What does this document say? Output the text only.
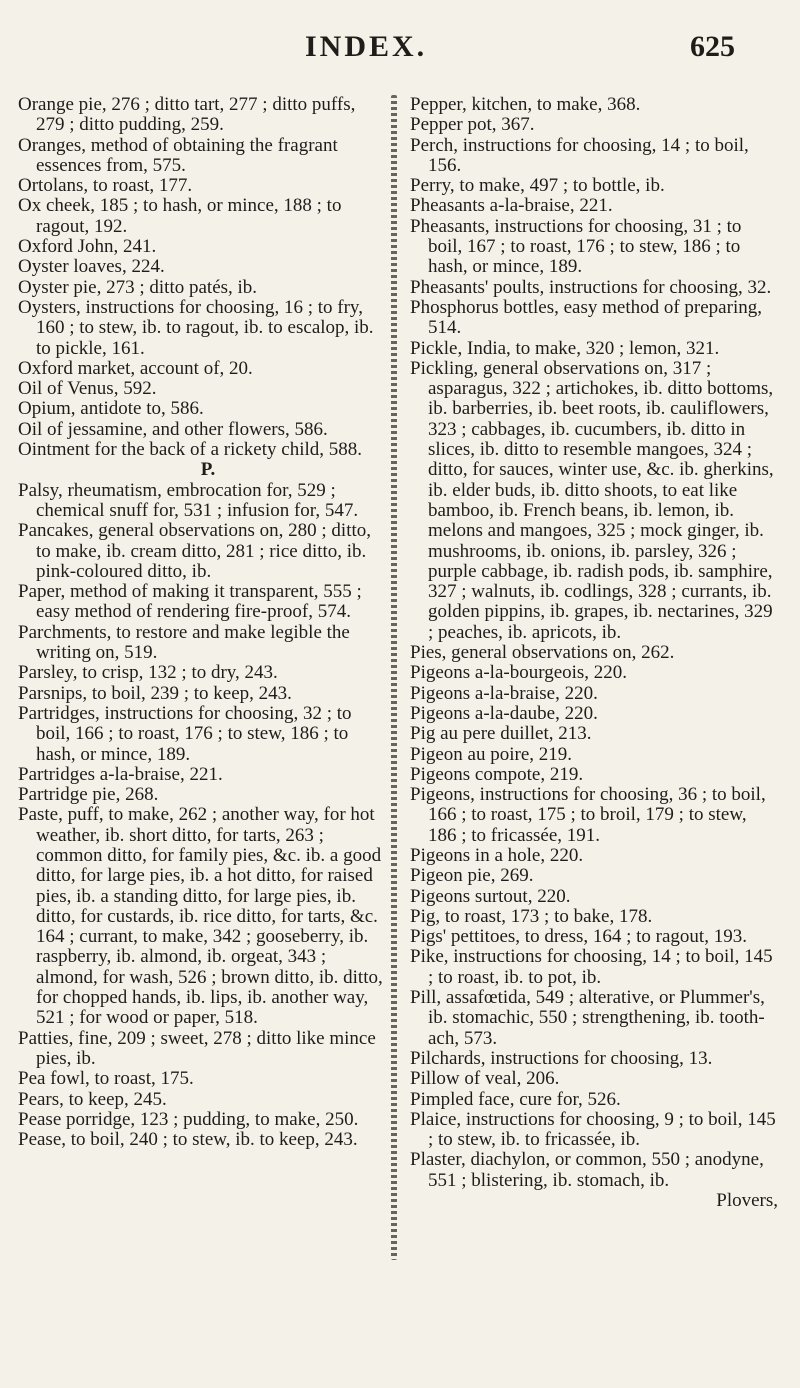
INDEX.	625

Orange pie, 276 ; ditto tart, 277 ; ditto puffs, 279 ; ditto pudding, 259.

Oranges, method of obtaining the fragrant essences from, 575.

Ortolans, to roast, 177.

Ox cheek, 185 ; to hash, or mince, 188 ; to ragout, 192.

Oxford John, 241.

Oyster loaves, 224.

Oyster pie, 273 ; ditto patés, ib.

Oysters, instructions for choosing, 16 ; to fry, 160 ; to stew, ib. to ragout, ib. to escalop, ib. to pickle, 161.

Oxford market, account of, 20.

Oil of Venus, 592.

Opium, antidote to, 586.

Oil of jessamine, and other flowers, 586.

Ointment for the back of a rickety child, 588.

P.

Palsy, rheumatism, embrocation for, 529 ; chemical snuff for, 531 ; infusion for, 547.

Pancakes, general observations on, 280 ; ditto, to make, ib. cream ditto, 281 ; rice ditto, ib. pink-coloured ditto, ib.

Paper, method of making it transparent, 555 ; easy method of rendering fire-proof, 574.

Parchments, to restore and make legible the writing on, 519.

Parsley, to crisp, 132 ; to dry, 243.

Parsnips, to boil, 239 ; to keep, 243.

Partridges, instructions for choosing, 32 ; to boil, 166 ; to roast, 176 ; to stew, 186 ; to hash, or mince, 189.

Partridges a-la-braise, 221.

Partridge pie, 268.

Paste, puff, to make, 262 ; another way, for hot weather, ib. short ditto, for tarts, 263 ; common ditto, for family pies, &c. ib. a good ditto, for large pies, ib. a hot ditto, for raised pies, ib. a standing ditto, for large pies, ib. ditto, for custards, ib. rice ditto, for tarts, &c. 164 ; currant, to make, 342 ; gooseberry, ib. raspberry, ib. almond, ib. orgeat, 343 ; almond, for wash, 526 ; brown ditto, ib. ditto, for chopped hands, ib. lips, ib. another way, 521 ; for wood or paper, 518.

Patties, fine, 209 ; sweet, 278 ; ditto like mince pies, ib.

Pea fowl, to roast, 175.

Pears, to keep, 245.

Pease porridge, 123 ; pudding, to make, 250.

Pease, to boil, 240 ; to stew, ib. to keep, 243.

Pepper, kitchen, to make, 368.

Pepper pot, 367.

Perch, instructions for choosing, 14 ; to boil, 156.

Perry, to make, 497 ; to bottle, ib.

Pheasants a-la-braise, 221.

Pheasants, instructions for choosing, 31 ; to boil, 167 ; to roast, 176 ; to stew, 186 ; to hash, or mince, 189.

Pheasants' poults, instructions for choosing, 32.

Phosphorus bottles, easy method of preparing, 514.

Pickle, India, to make, 320 ; lemon, 321.

Pickling, general observations on, 317 ; asparagus, 322 ; artichokes, ib. ditto bottoms, ib. barberries, ib. beet roots, ib. cauliflowers, 323 ; cabbages, ib. cucumbers, ib. ditto in slices, ib. ditto to resemble mangoes, 324 ; ditto, for sauces, winter use, &c. ib. gherkins, ib. elder buds, ib. ditto shoots, to eat like bamboo, ib. French beans, ib. lemon, ib. melons and mangoes, 325 ; mock ginger, ib. mushrooms, ib. onions, ib. parsley, 326 ; purple cabbage, ib. radish pods, ib. samphire, 327 ; walnuts, ib. codlings, 328 ; currants, ib. golden pippins, ib. grapes, ib. nectarines, 329 ; peaches, ib. apricots, ib.

Pies, general observations on, 262.

Pigeons a-la-bourgeois, 220.

Pigeons a-la-braise, 220.

Pigeons a-la-daube, 220.

Pig au pere duillet, 213.

Pigeon au poire, 219.

Pigeons compote, 219.

Pigeons, instructions for choosing, 36 ; to boil, 166 ; to roast, 175 ; to broil, 179 ; to stew, 186 ; to fricassée, 191.

Pigeons in a hole, 220.

Pigeon pie, 269.

Pigeons surtout, 220.

Pig, to roast, 173 ; to bake, 178.

Pigs' pettitoes, to dress, 164 ; to ragout, 193.

Pike, instructions for choosing, 14 ; to boil, 145 ; to roast, ib. to pot, ib.

Pill, assafœtida, 549 ; alterative, or Plummer's, ib. stomachic, 550 ; strengthening, ib. tooth-ach, 573.

Pilchards, instructions for choosing, 13.

Pillow of veal, 206.

Pimpled face, cure for, 526.

Plaice, instructions for choosing, 9 ; to boil, 145 ; to stew, ib. to fricassée, ib.

Plaster, diachylon, or common, 550 ; anodyne, 551 ; blistering, ib. stomach, ib.

Plovers,
